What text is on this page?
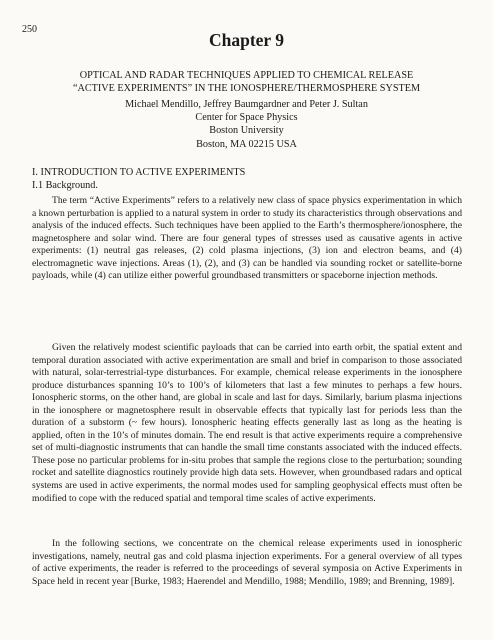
250
Chapter 9
OPTICAL AND RADAR TECHNIQUES APPLIED TO CHEMICAL RELEASE
“ACTIVE EXPERIMENTS” IN THE IONOSPHERE/THERMOSPHERE SYSTEM
Michael Mendillo, Jeffrey Baumgardner and Peter J. Sultan
Center for Space Physics
Boston University
Boston, MA 02215 USA
I. INTRODUCTION TO ACTIVE EXPERIMENTS
I.1 Background.

The term “Active Experiments” refers to a relatively new class of space physics experimentation in which a known perturbation is applied to a natural system in order to study its characteristics through observations and analysis of the induced effects. Such techniques have been applied to the Earth’s thermosphere/ionosphere, the magnetosphere and solar wind. There are four general types of stresses used as causative agents in active experiments: (1) neutral gas releases, (2) cold plasma injections, (3) ion and electron beams, and (4) electromagnetic wave injections. Areas (1), (2), and (3) can be handled via sounding rocket or satellite-borne payloads, while (4) can utilize either powerful groundbased transmitters or spaceborne injection methods.

Given the relatively modest scientific payloads that can be carried into earth orbit, the spatial extent and temporal duration associated with active experimentation are small and brief in comparison to those associated with natural, solar-terrestrial-type disturbances. For example, chemical release experiments in the ionosphere produce disturbances spanning 10’s to 100’s of kilometers that last a few minutes to perhaps a few hours. Ionospheric storms, on the other hand, are global in scale and last for days. Similarly, barium plasma injections in the ionosphere or magnetosphere result in observable effects that typically last for periods less than the duration of a substorm (~ few hours). Ionospheric heating effects generally last as long as the heating is applied, often in the 10’s of minutes domain. The end result is that active experiments require a comprehensive set of multi-diagnostic instruments that can handle the small time constants associated with the induced effects. These pose no particular problems for in-situ probes that sample the regions close to the perturbation; sounding rocket and satellite diagnostics routinely provide high data sets. However, when groundbased radars and optical systems are used in active experiments, the normal modes used for sampling geophysical effects must often be modified to cope with the reduced spatial and temporal time scales of active experiments.

In the following sections, we concentrate on the chemical release experiments used in ionospheric investigations, namely, neutral gas and cold plasma injection experiments. For a general overview of all types of active experiments, the reader is referred to the proceedings of several symposia on Active Experiments in Space held in recent year [Burke, 1983; Haerendel and Mendillo, 1988; Mendillo, 1989; and Brenning, 1989].
